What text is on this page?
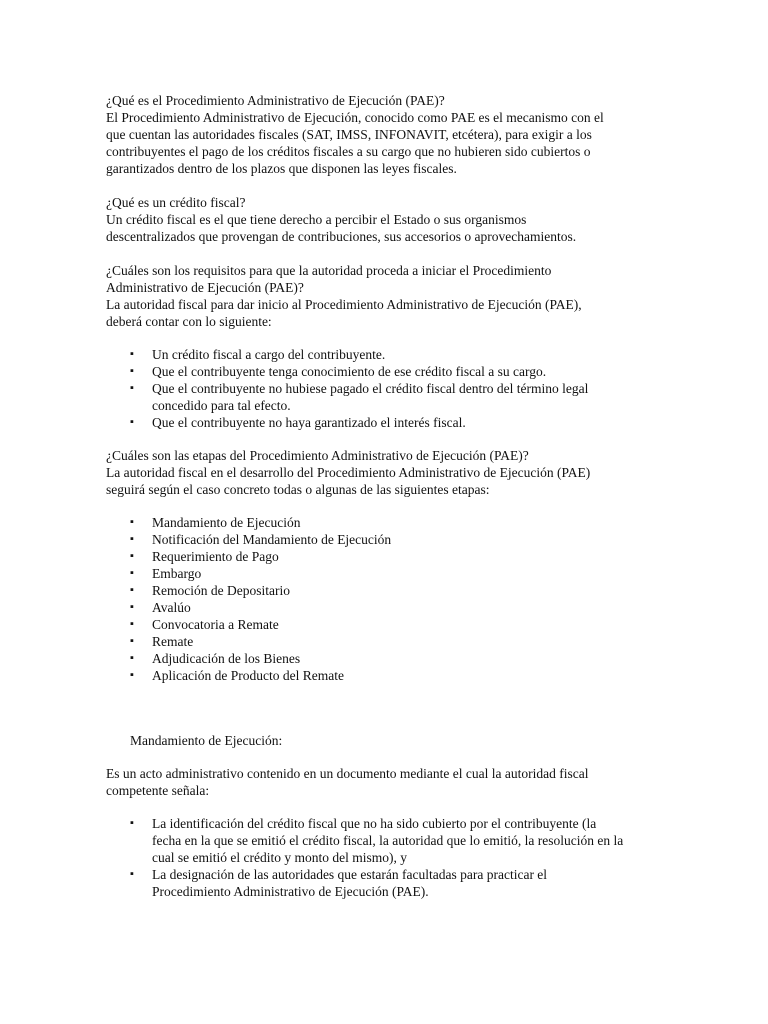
¿Qué es el Procedimiento Administrativo de Ejecución (PAE)?

El Procedimiento Administrativo de Ejecución, conocido como PAE es el mecanismo con el

que cuentan las autoridades fiscales (SAT, IMSS, INFONAVIT, etcétera), para exigir a los

contribuyentes el pago de los créditos fiscales a su cargo que no hubieren sido cubiertos o

garantizados dentro de los plazos que disponen las leyes fiscales.

¿Qué es un crédito fiscal?

Un crédito fiscal es el que tiene derecho a percibir el Estado o sus organismos

descentralizados que provengan de contribuciones, sus accesorios o aprovechamientos.

¿Cuáles son los requisitos para que la autoridad proceda a iniciar el Procedimiento

Administrativo de Ejecución (PAE)?

La autoridad fiscal para dar inicio al Procedimiento Administrativo de Ejecución (PAE),

deberá contar con lo siguiente:

▪ Un crédito fiscal a cargo del contribuyente.
▪ Que el contribuyente tenga conocimiento de ese crédito fiscal a su cargo.
▪ Que el contribuyente no hubiese pagado el crédito fiscal dentro del término legal
concedido para tal efecto.
▪ Que el contribuyente no haya garantizado el interés fiscal.

¿Cuáles son las etapas del Procedimiento Administrativo de Ejecución (PAE)?

La autoridad fiscal en el desarrollo del Procedimiento Administrativo de Ejecución (PAE)

seguirá según el caso concreto todas o algunas de las siguientes etapas:

▪ Mandamiento de Ejecución
▪ Notificación del Mandamiento de Ejecución
▪ Requerimiento de Pago
▪ Embargo
▪ Remoción de Depositario
▪ Avalúo
▪ Convocatoria a Remate
▪ Remate
▪ Adjudicación de los Bienes
▪ Aplicación de Producto del Remate

Mandamiento de Ejecución:

Es un acto administrativo contenido en un documento mediante el cual la autoridad fiscal

competente señala:

▪ La identificación del crédito fiscal que no ha sido cubierto por el contribuyente (la
fecha en la que se emitió el crédito fiscal, la autoridad que lo emitió, la resolución en la
cual se emitió el crédito y monto del mismo), y
▪ La designación de las autoridades que estarán facultadas para practicar el
Procedimiento Administrativo de Ejecución (PAE).
